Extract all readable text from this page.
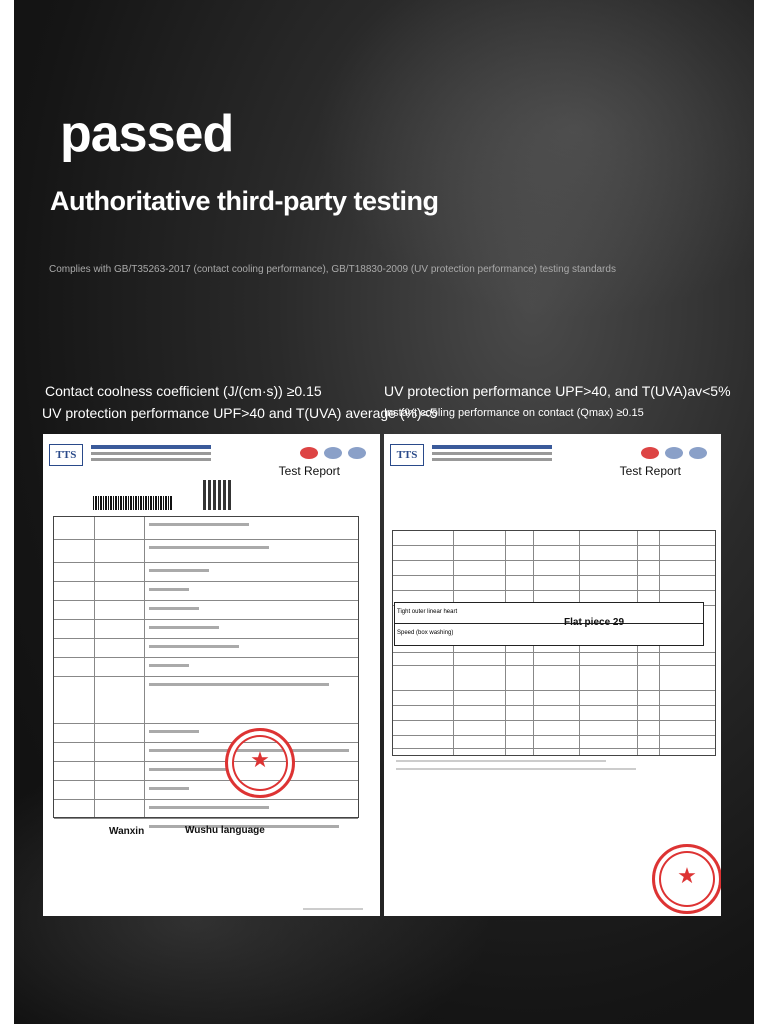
passed
Authoritative third-party testing

Complies with GB/T35263-2017 (contact cooling performance), GB/T18830-2009 (UV protection performance) testing standards

Contact coolness coefficient (J/(cm·s)) ≥0.15

UV protection performance UPF>40 and T(UVA) average (%)<5

UV protection performance UPF>40, and T(UVA)av<5%

Instant cooling performance on contact (Qmax) ≥0.15

TTS
Test Report
★
Wanxin	Wushu language
TTS
Test Report
Tight outer linear heart
Speed (box washing)
Flat piece 29
★
